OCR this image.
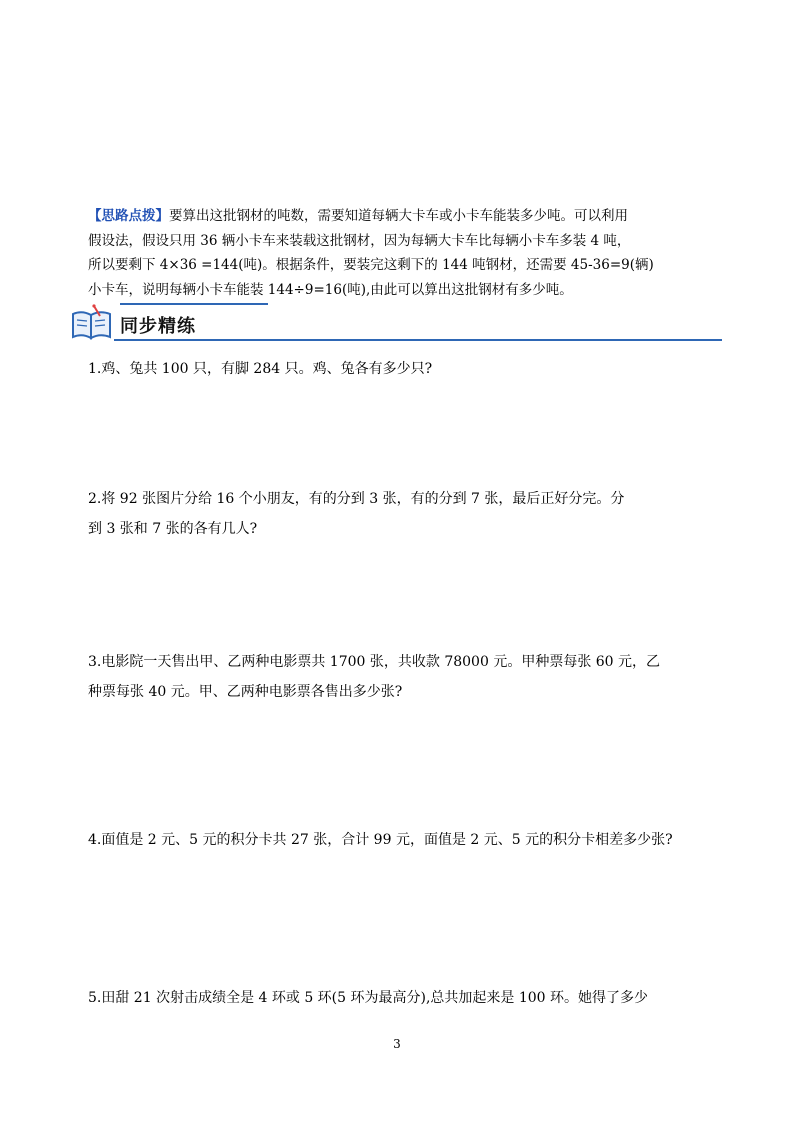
【思路点拨】要算出这批钢材的吨数，需要知道每辆大卡车或小卡车能装多少吨。可以利用
假设法，假设只用 36 辆小卡车来装载这批钢材，因为每辆大卡车比每辆小卡车多装 4 吨，
所以要剩下 4×36 =144(吨)。根据条件，要装完这剩下的 144 吨钢材，还需要 45-36=9(辆)
小卡车，说明每辆小卡车能装 144÷9=16(吨),由此可以算出这批钢材有多少吨。
同步精练
1.鸡、兔共 100 只，有脚 284 只。鸡、兔各有多少只?
2.将 92 张图片分给 16 个小朋友，有的分到 3 张，有的分到 7 张，最后正好分完。分
到 3 张和 7 张的各有几人?
3.电影院一天售出甲、乙两种电影票共 1700 张，共收款 78000 元。甲种票每张 60 元，乙
种票每张 40 元。甲、乙两种电影票各售出多少张?
4.面值是 2 元、5 元的积分卡共 27 张，合计 99 元，面值是 2 元、5 元的积分卡相差多少张?
5.田甜 21 次射击成绩全是 4 环或 5 环(5 环为最高分),总共加起来是 100 环。她得了多少
3
